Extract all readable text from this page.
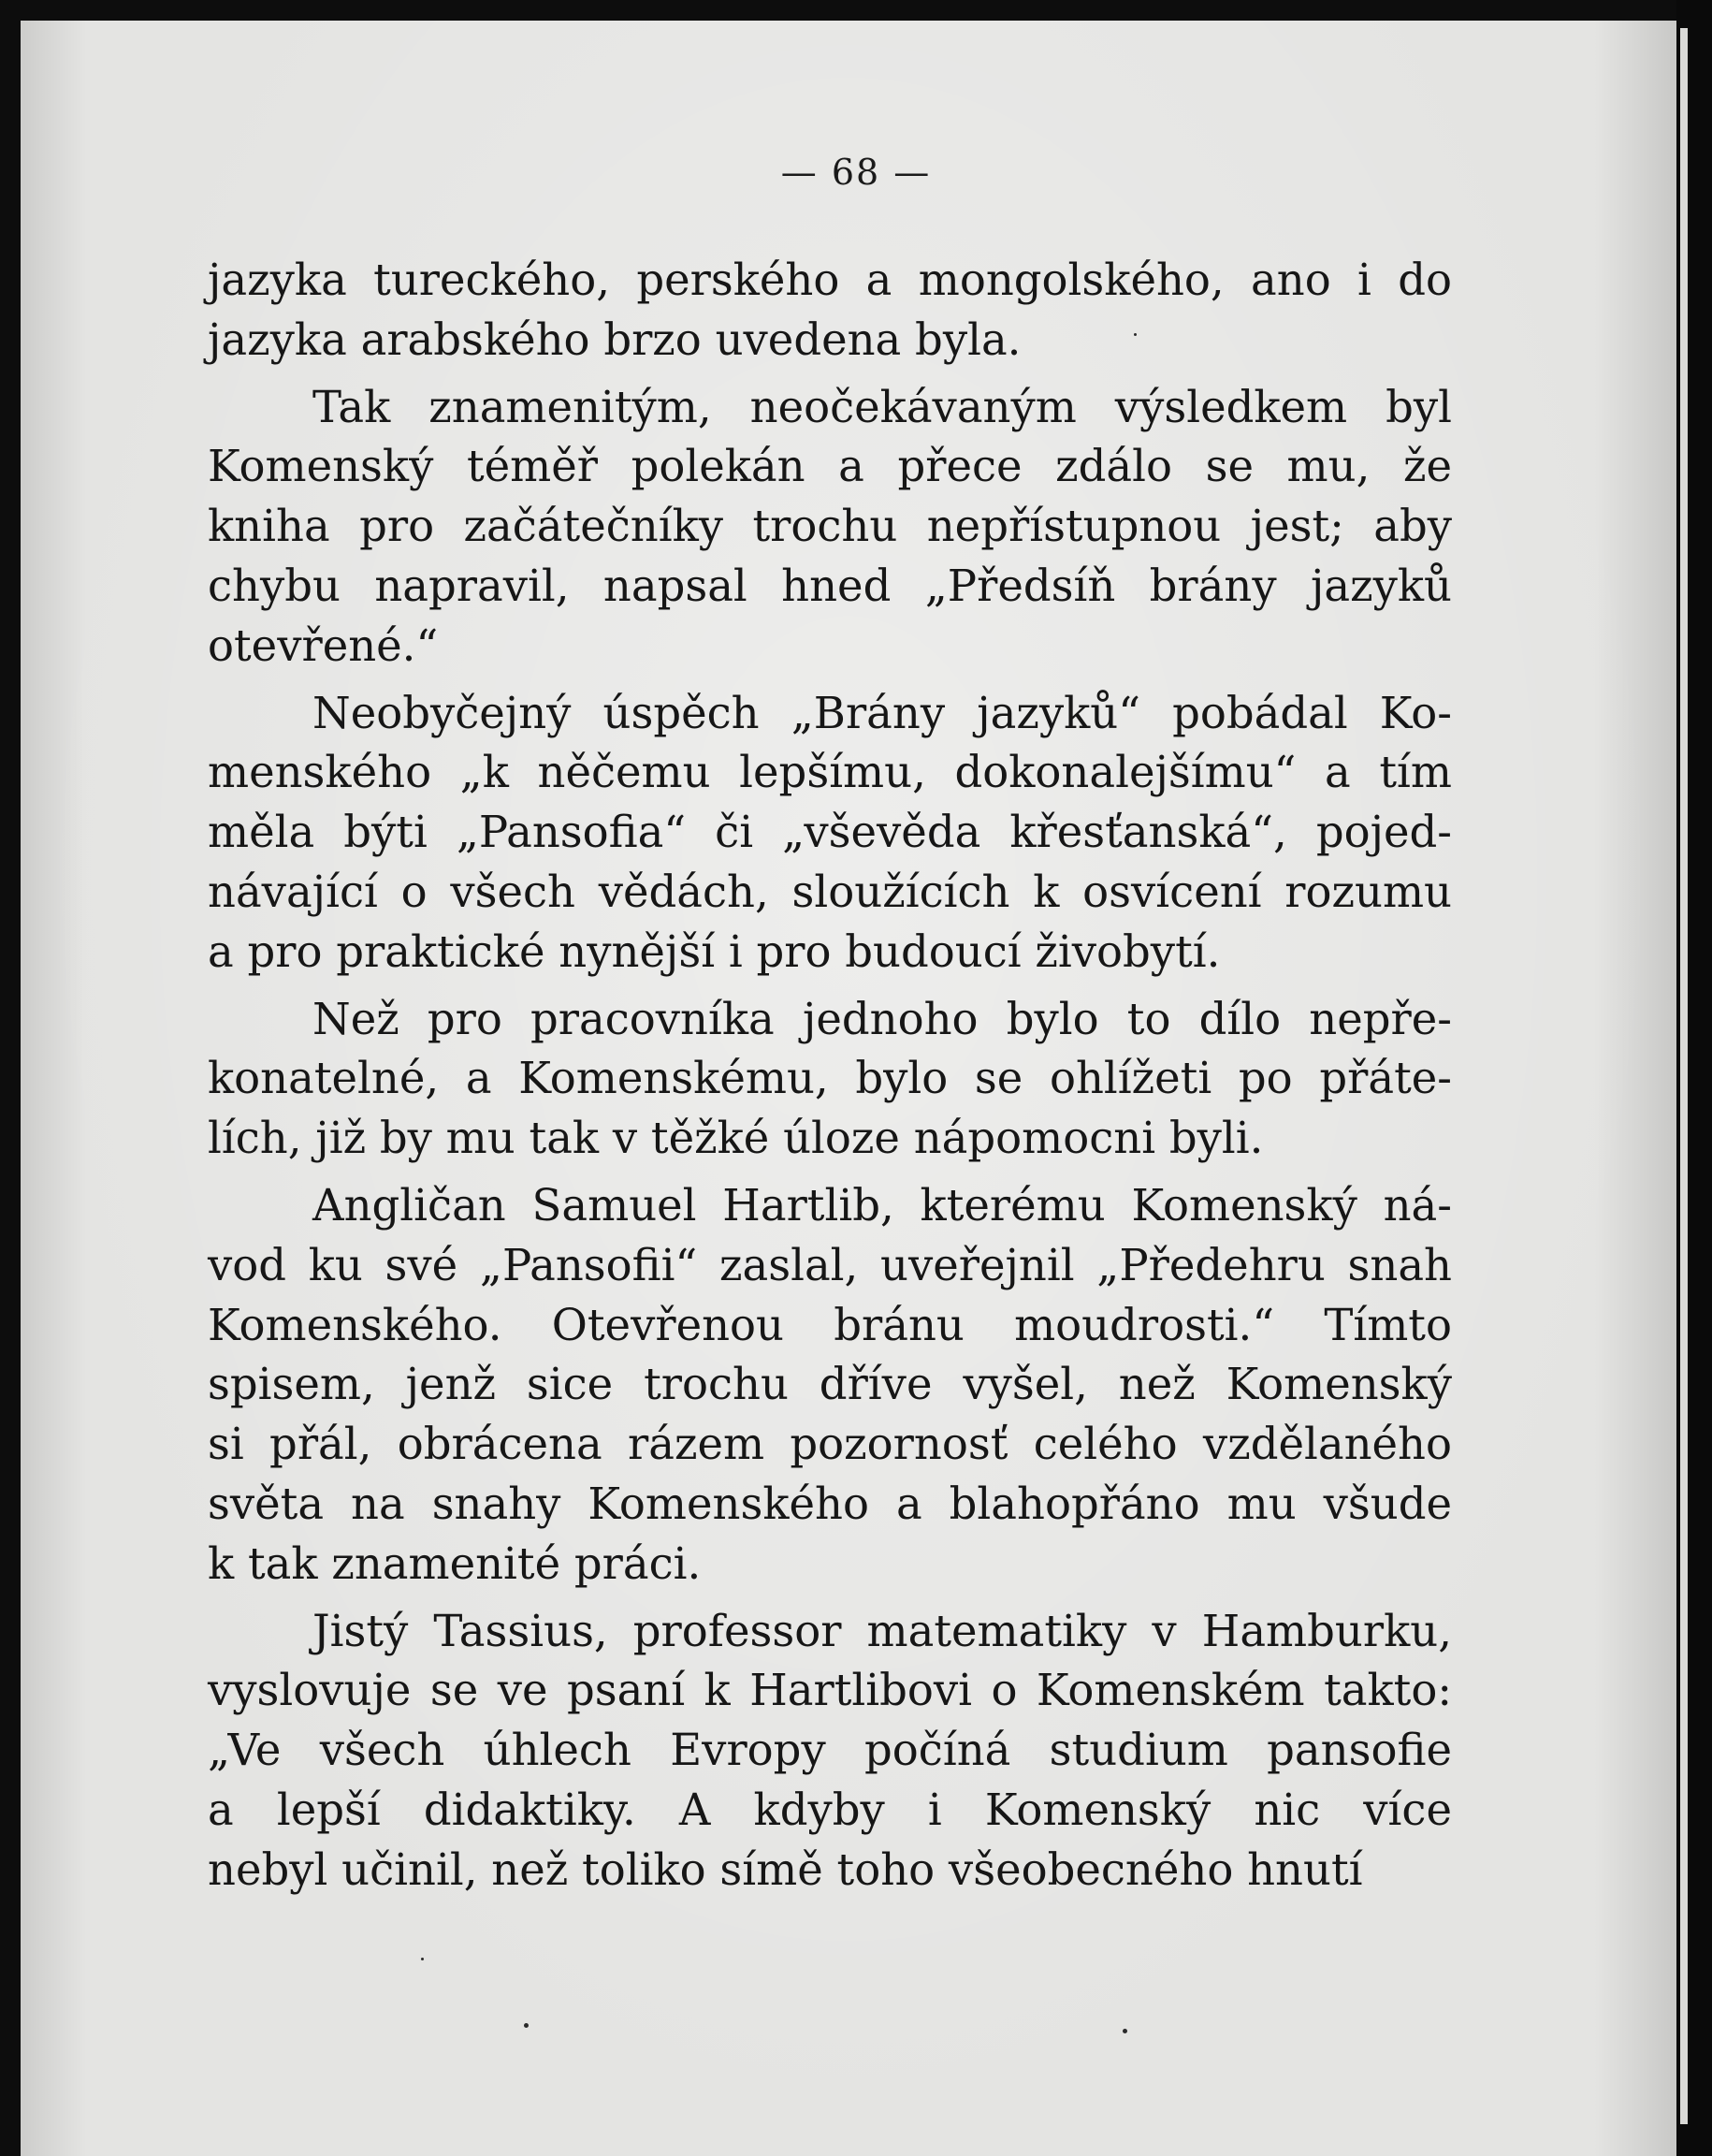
— 68 —
jazyka tureckého, perského a mongolského, ano i do
jazyka arabského brzo uvedena byla.
Tak znamenitým, neočekávaným výsledkem byl
Komenský téměř polekán a přece zdálo se mu, že
kniha pro začátečníky trochu nepřístupnou jest; aby
chybu napravil, napsal hned „Předsíň brány jazyků
otevřené.“
Neobyčejný úspěch „Brány jazyků“ pobádal Ko-
menského „k něčemu lepšímu, dokonalejšímu“ a tím
měla býti „Pansofia“ či „vševěda křesťanská“, pojed-
návající o všech vědách, sloužících k osvícení rozumu
a pro praktické nynější i pro budoucí živobytí.
Než pro pracovníka jednoho bylo to dílo nepře-
konatelné, a Komenskému, bylo se ohlížeti po přáte-
lích, již by mu tak v těžké úloze nápomocni byli.
Angličan Samuel Hartlib, kterému Komenský ná-
vod ku své „Pansofii“ zaslal, uveřejnil „Předehru snah
Komenského. Otevřenou bránu moudrosti.“ Tímto
spisem, jenž sice trochu dříve vyšel, než Komenský
si přál, obrácena rázem pozornosť celého vzdělaného
světa na snahy Komenského a blahopřáno mu všude
k tak znamenité práci.
Jistý Tassius, professor matematiky v Hamburku,
vyslovuje se ve psaní k Hartlibovi o Komenském takto:
„Ve všech úhlech Evropy počíná studium pansofie
a lepší didaktiky. A kdyby i Komenský nic více
nebyl učinil, než toliko símě toho všeobecného hnutí
